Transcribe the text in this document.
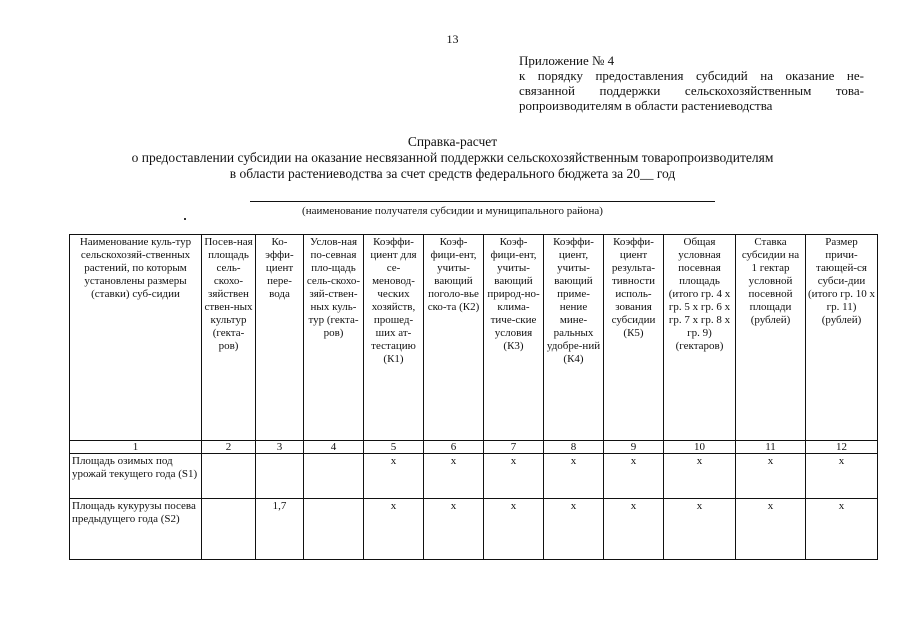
13
Приложение № 4
к порядку предоставления субсидий на оказание не-
связанной поддержки сельскохозяйственным това-
ропроизводителям в области растениеводства
Справка-расчет
о предоставлении субсидии на оказание несвязанной поддержки сельскохозяйственным товаропроизводителям
в области растениеводства за счет средств федерального бюджета за 20__ год
(наименование получателя субсидии и муниципального района)
Наименование куль-тур сельскохозяй-ственных растений, по которым установлены размеры (ставки) суб-сидии	Посев-ная площадь сель-скохо-зяйствен ствен-ных культур (гекта-ров)	Ко-эффи-циент пере-вода	Услов-ная по-севная пло-щадь сель-скохо-зяй-ствен-ных куль-тур (гекта-ров)	Коэффи-циент для се-меновод-ческих хозяйств, прошед-ших ат-тестацию (К1)	Коэф-фици-ент, учиты-вающий поголо-вье ско-та (К2)	Коэф-фици-ент, учиты-вающий природ-но-клима-тиче-ские условия (К3)	Коэффи-циент, учиты-вающий приме-нение мине-ральных удобре-ний (К4)	Коэффи-циент результа-тивности исполь-зования субсидии (К5)	Общая условная посевная площадь (итого гр. 4 х гр. 5 х гр. 6 х гр. 7 х гр. 8 х гр. 9) (гектаров)	Ставка субсидии на 1 гектар условной посевной площади (рублей)	Размер причи-тающей-ся субси-дии (итого гр. 10 х гр. 11) (рублей)
1	2	3	4	5	6	7	8	9	10	11	12
Площадь озимых под урожай текущего года (S1)				х	х	х	х	х	х	х	х
Площадь кукурузы посева предыдущего года (S2)		1,7		х	х	х	х	х	х	х	х
